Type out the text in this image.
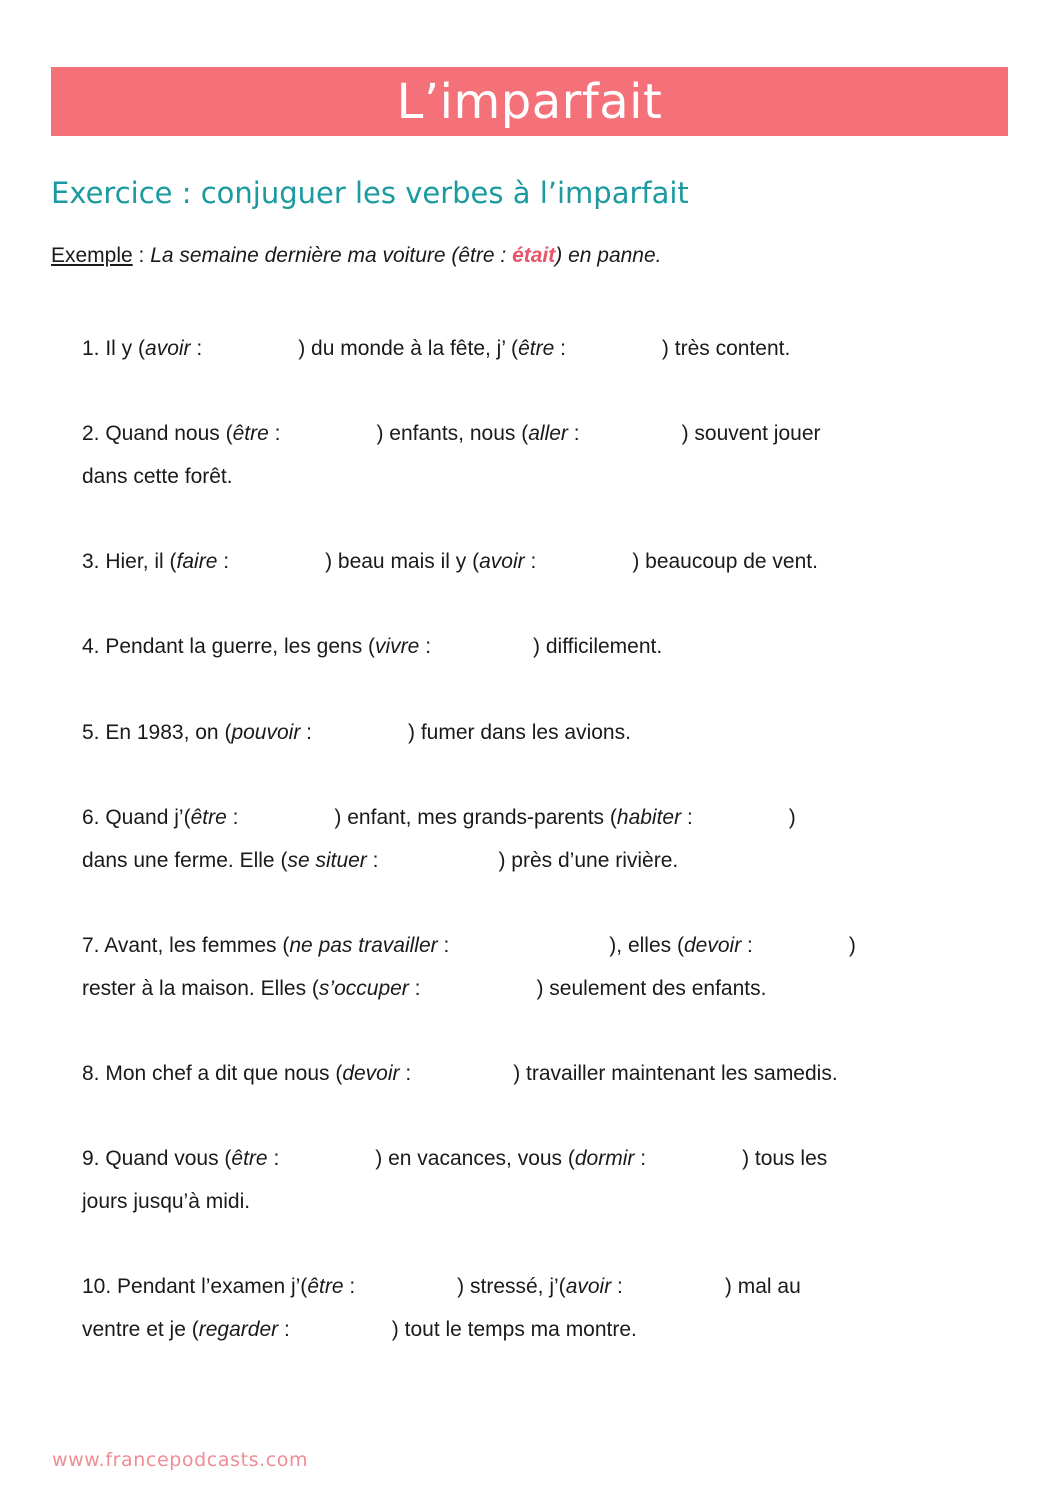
L’imparfait
Exercice : conjuguer les verbes à l’imparfait
Exemple : La semaine dernière ma voiture (être : était) en panne.
1. Il y (avoir :	) du monde à la fête, j’ (être :	) très content.
2. Quand nous (être :	) enfants, nous (aller :	) souvent jouer
dans cette forêt.
3. Hier, il (faire :	) beau mais il y (avoir :	) beaucoup de vent.
4. Pendant la guerre, les gens (vivre :	) difficilement.
5. En 1983, on (pouvoir :	) fumer dans les avions.
6. Quand j’(être :	) enfant, mes grands-parents (habiter :	)
dans une ferme. Elle (se situer :	) près d’une rivière.
7. Avant, les femmes (ne pas travailler :	), elles (devoir :	)
rester à la maison. Elles (s’occuper :	) seulement des enfants.
8. Mon chef a dit que nous (devoir :	) travailler maintenant les samedis.
9. Quand vous (être :	) en vacances, vous (dormir :	) tous les
jours jusqu’à midi.
10. Pendant l’examen j’(être :	) stressé, j’(avoir :	) mal au
ventre et je (regarder :	) tout le temps ma montre.
www.francepodcasts.com
